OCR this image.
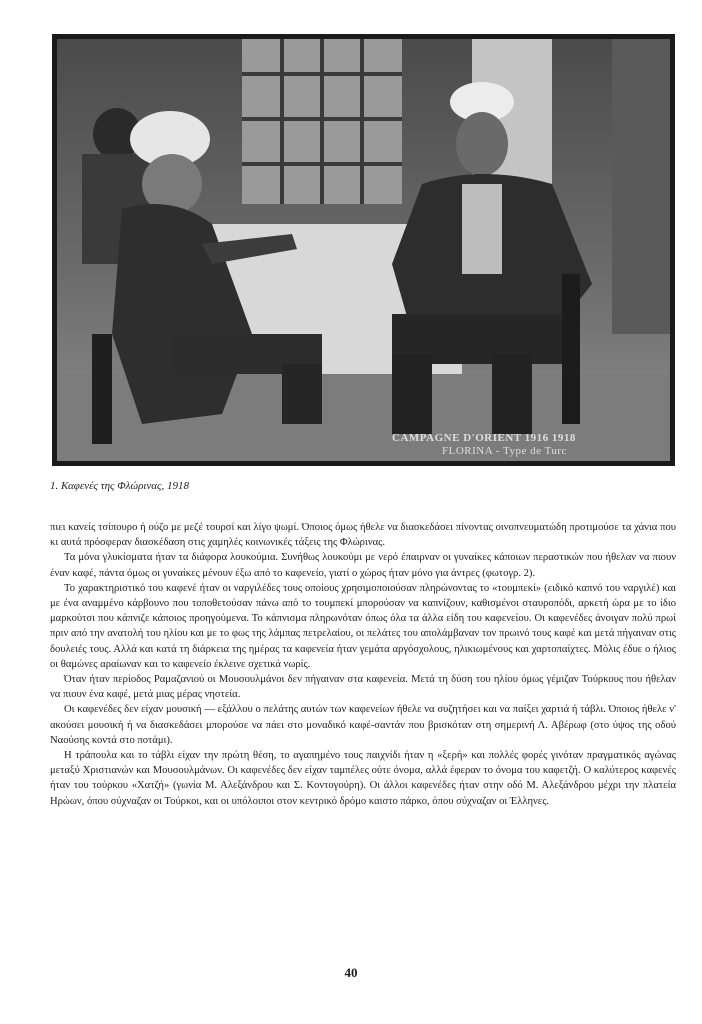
CAMPAGNE D'ORIENT 1916 1918
FLORINA - Type de Turc
1. Καφενές της Φλώρινας, 1918

πιει κανείς τσίπουρο ή ούζο με μεζέ τουρσί και λίγο ψωμί. Όποιος όμως ήθελε να διασκεδάσει πίνοντας οινοπνευματώδη προτιμούσε τα χάνια που κι αυτά πρόσφεραν διασκέδαση στις χαμηλές κοινωνικές τάξεις της Φλώρινας.

Τα μόνα γλυκίσματα ήταν τα διάφορα λουκούμια. Συνήθως λουκούμι με νερό έπαιρναν οι γυναίκες κάποιων περαστικών που ήθελαν να πιουν έναν καφέ, πάντα όμως οι γυναίκες μένουν έξω από το καφενείο, γιατί ο χώρος ήταν μόνο για άντρες (φωτογρ. 2).

Το χαρακτηριστικό του καφενέ ήταν οι ναργιλέδες τους οποίους χρησιμοποιούσαν πληρώνοντας το «τουμπεκί» (ειδικό καπνό του ναργιλέ) και με ένα αναμμένο κάρβουνο που τοποθετούσαν πάνω από το τουμπεκί μπορούσαν να καπνίζουν, καθισμένοι σταυροπόδι, αρκετή ώρα με το ίδιο μαρκούτσι που κάπνιζε κάποιος προηγούμενα. Το κάπνισμα πληρωνόταν όπως όλα τα άλλα είδη του καφενείου. Οι καφενέδες άνοιγαν πολύ πρωί πριν από την ανατολή του ηλίου και με το φως της λάμπας πετρελαίου, οι πελάτες του απολάμβαναν τον πρωινό τους καφέ και μετά πήγαιναν στις δουλειές τους. Αλλά και κατά τη διάρκεια της ημέρας τα καφενεία ήταν γεμάτα αργόσχολους, ηλικιωμένους και χαρτοπαίχτες. Μόλις έδυε ο ήλιος οι θαμώνες αραίωναν και το καφενείο έκλεινε σχετικά νωρίς.

Όταν ήταν περίοδος Ραμαζανιού οι Μουσουλμάνοι δεν πήγαιναν στα καφενεία. Μετά τη δύση του ηλίου όμως γέμιζαν Τούρκους που ήθελαν να πιουν ένα καφέ, μετά μιας μέρας νηστεία.

Οι καφενέδες δεν είχαν μουσική — εξάλλου ο πελάτης αυτών των καφενείων ήθελε να συζητήσει και να παίξει χαρτιά ή τάβλι. Όποιος ήθελε ν' ακούσει μουσική ή να διασκεδάσει μπορούσε να πάει στο μοναδικό καφέ-σαντάν που βρισκόταν στη σημερινή Λ. Αβέρωφ (στο ύψος της οδού Ναούσης κοντά στο ποτάμι).

Η τράπουλα και το τάβλι είχαν την πρώτη θέση, το αγαπημένο τους παιχνίδι ήταν η «ξερή» και πολλές φορές γινόταν πραγματικός αγώνας μεταξύ Χριστιανών και Μουσουλμάνων. Οι καφενέδες δεν είχαν ταμπέλες ούτε όνομα, αλλά έφεραν το όνομα του καφετζή. Ο καλύτερος καφενές ήταν του τούρκου «Χατζή» (γωνία Μ. Αλεξάνδρου και Σ. Κοντογούρη). Οι άλλοι καφενέδες ήταν στην οδό Μ. Αλεξάνδρου μέχρι την πλατεία Ηρώων, όπου σύχναζαν οι Τούρκοι, και οι υπόλοιποι στον κεντρικό δρόμο καιστο πάρκο, όπου σύχναζαν οι Έλληνες.

40
